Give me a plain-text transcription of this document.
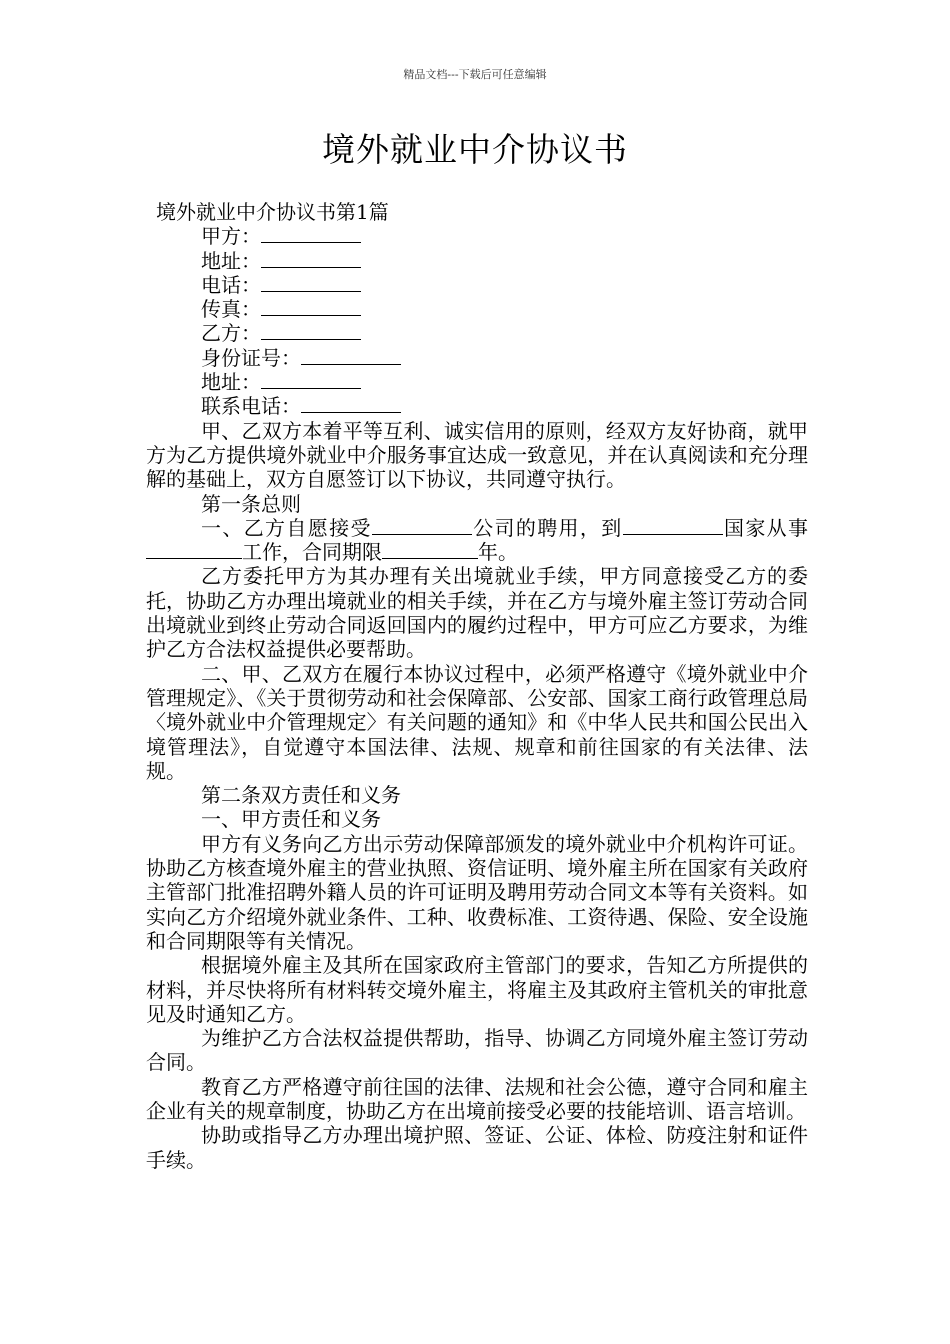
精品文档---下载后可任意编辑
境外就业中介协议书
境外就业中介协议书第1篇
甲方：
地址：
电话：
传真：
乙方：
身份证号：
地址：
联系电话：
甲、乙双方本着平等互利、诚实信用的原则，经双方友好协商，就甲方为乙方提供境外就业中介服务事宜达成一致意见，并在认真阅读和充分理解的基础上，双方自愿签订以下协议，共同遵守执行。
第一条总则
一、乙方自愿接受	公司的聘用，到	国家从事工作，合同期限	年。
乙方委托甲方为其办理有关出境就业手续，甲方同意接受乙方的委托，协助乙方办理出境就业的相关手续，并在乙方与境外雇主签订劳动合同出境就业到终止劳动合同返回国内的履约过程中，甲方可应乙方要求，为维护乙方合法权益提供必要帮助。
二、甲、乙双方在履行本协议过程中，必须严格遵守《境外就业中介管理规定》、《关于贯彻劳动和社会保障部、公安部、国家工商行政管理总局〈境外就业中介管理规定〉有关问题的通知》和《中华人民共和国公民出入境管理法》，自觉遵守本国法律、法规、规章和前往国家的有关法律、法规。
第二条双方责任和义务
一、甲方责任和义务
甲方有义务向乙方出示劳动保障部颁发的境外就业中介机构许可证。协助乙方核查境外雇主的营业执照、资信证明、境外雇主所在国家有关政府主管部门批准招聘外籍人员的许可证明及聘用劳动合同文本等有关资料。如实向乙方介绍境外就业条件、工种、收费标准、工资待遇、保险、安全设施和合同期限等有关情况。
根据境外雇主及其所在国家政府主管部门的要求，告知乙方所提供的材料，并尽快将所有材料转交境外雇主，将雇主及其政府主管机关的审批意见及时通知乙方。
为维护乙方合法权益提供帮助，指导、协调乙方同境外雇主签订劳动合同。
教育乙方严格遵守前往国的法律、法规和社会公德，遵守合同和雇主企业有关的规章制度，协助乙方在出境前接受必要的技能培训、语言培训。
协助或指导乙方办理出境护照、签证、公证、体检、防疫注射和证件手续。
